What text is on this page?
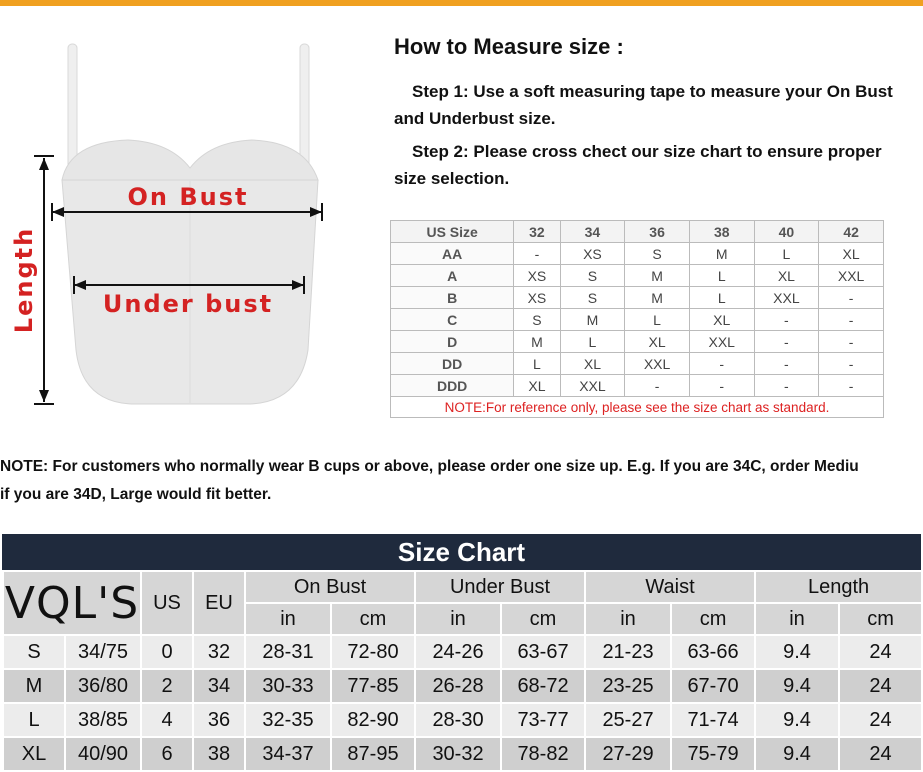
On Bust
Under bust
Length
How to Measure size :

Step 1: Use a soft measuring tape to measure your On Bust and Underbust size.

Step 2: Please cross chect our size chart to ensure proper size selection.

US Size	32	34	36	38	40	42
AA	-	XS	S	M	L	XL
A	XS	S	M	L	XL	XXL
B	XS	S	M	L	XXL	-
C	S	M	L	XL	-	-
D	M	L	XL	XXL	-	-
DD	L	XL	XXL	-	-	-
DDD	XL	XXL	-	-	-	-
NOTE:For reference only, please see the size chart as standard.						
NOTE: For customers who normally wear B cups or above, please order one size up. E.g. If you are 34C, order Mediu
if you are 34D, Large would fit better.
Size Chart
VQL'S		US	EU	On Bust		Under Bust		Waist		Length	
				in	cm	in	cm	in	cm	in	cm
S	34/75	0	32	28-31	72-80	24-26	63-67	21-23	63-66	9.4	24
M	36/80	2	34	30-33	77-85	26-28	68-72	23-25	67-70	9.4	24
L	38/85	4	36	32-35	82-90	28-30	73-77	25-27	71-74	9.4	24
XL	40/90	6	38	34-37	87-95	30-32	78-82	27-29	75-79	9.4	24
